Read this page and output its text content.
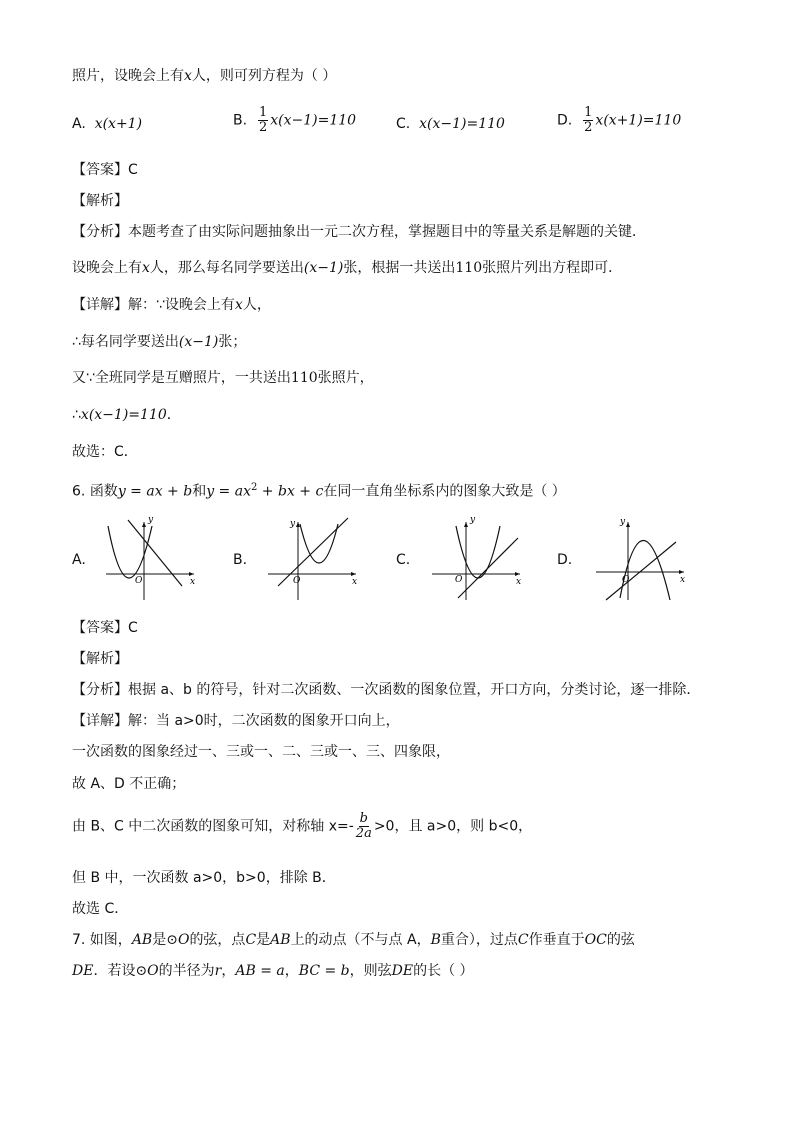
照片，设晚会上有x人，则可列方程为（ ）
A. x(x+1)	B. $\frac{1}{2} x(x-1)=110$	C. x(x−1)=110	D. $\frac{1}{2} x(x+1)=110$
【答案】C
【解析】
【分析】本题考查了由实际问题抽象出一元二次方程，掌握题目中的等量关系是解题的关键．
设晚会上有x人，那么每名同学要送出(x−1)张，根据一共送出110张照片列出方程即可．
【详解】解：∵设晚会上有x人，
∴每名同学要送出(x−1)张；
又∵全班同学是互赠照片，一共送出110张照片，
∴x(x−1)=110．
故选：C．
6. 函数y = ax + b和$y = ax^2$ + bx + c在同一直角坐标系内的图象大致是（ ）
A.	B.	C.	D.
y
x
O
y
x
O
y
x
O
y
x
O
【答案】C
【解析】
【分析】根据 a、b 的符号，针对二次函数、一次函数的图象位置，开口方向，分类讨论，逐一排除．
【详解】解：当 a>0时，二次函数的图象开口向上，
一次函数的图象经过一、三或一、二、三或一、三、四象限，
故 A、D 不正确；
由 B、C 中二次函数的图象可知，对称轴 $x=- \frac{b}{2a} >0$，且 a>0，则 b<0，
但 B 中，一次函数 a>0，b>0，排除 B．
故选 C．
7. 如图，AB是⊙O的弦，点C是AB上的动点（不与点 A，B重合），过点C作垂直于OC的弦
DE．若设⊙O的半径为r，AB = a，BC = b，则弦DE的长（ ）
